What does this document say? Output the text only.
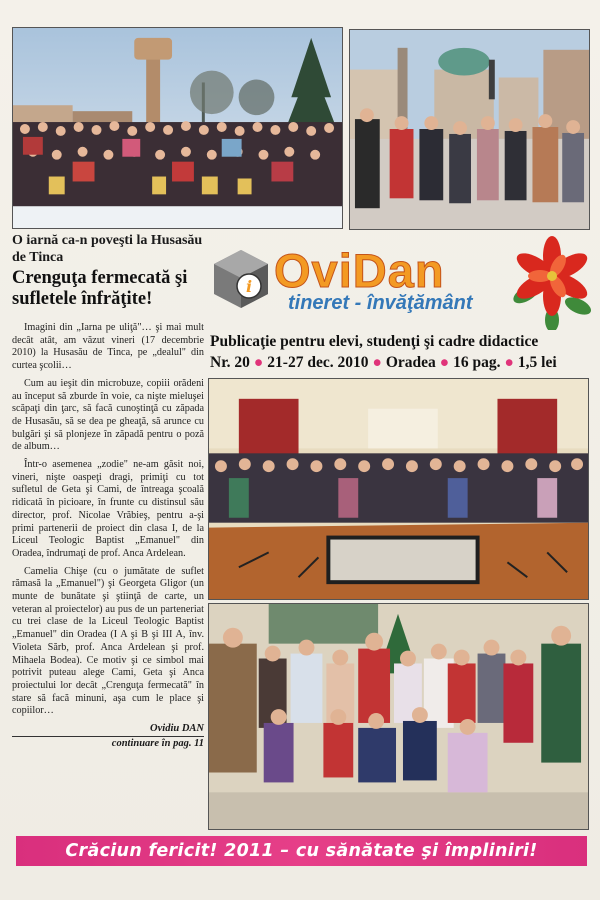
O iarnă ca-n poveşti la Husasău de Tinca
Crenguţa fermecată şi sufletele înfrăţite!

Imagini din „Iarna pe uliţă"… şi mai mult decât atât, am văzut vineri (17 decembrie 2010) la Husasău de Tinca, pe „dealul" din curtea şcolii…

Cum au ieşit din microbuze, copiii orădeni au început să zburde în voie, ca nişte mieluşei scăpaţi din ţarc, să facă cunoştinţă cu zăpada de Husasău, să se dea pe gheaţă, să arunce cu bulgări şi să plonjeze în zăpadă pentru o poză de album…

Într-o asemenea „zodie" ne-am găsit noi, vineri, nişte oaspeţi dragi, primiţi cu tot sufletul de Geta şi Cami, de întreaga şcoală ridicată în picioare, în frunte cu distinsul său director, prof. Nicolae Vrăbieş, pentru a-şi primi partenerii de proiect din clasa I, de la Liceul Teologic Baptist „Emanuel" din Oradea, îndrumaţi de prof. Anca Ardelean.

Camelia Chişe (cu o jumătate de suflet rămasă la „Emanuel") şi Georgeta Gligor (un munte de bunătate şi ştiinţă de carte, un veteran al proiectelor) au pus de un parteneriat cu trei clase de la Liceul Teologic Baptist „Emanuel" din Oradea (I A şi B şi III A, înv. Violeta Sărb, prof. Anca Ardelean şi prof. Mihaela Bodea). Ce motiv şi ce simbol mai potrivit puteau alege Cami, Geta şi Anca proiectului lor decât „Crenguţa fermecată" în stare să facă minuni, aşa cum le place şi copiilor…

Ovidiu DAN
continuare în pag. 11
i OviDan
tineret - învăţământ
Publicaţie pentru elevi, studenţi şi cadre didactice
Nr. 20 ● 21-27 dec. 2010 ● Oradea ● 16 pag. ● 1,5 lei
Crăciun fericit! 2011 – cu sănătate şi împliniri!
